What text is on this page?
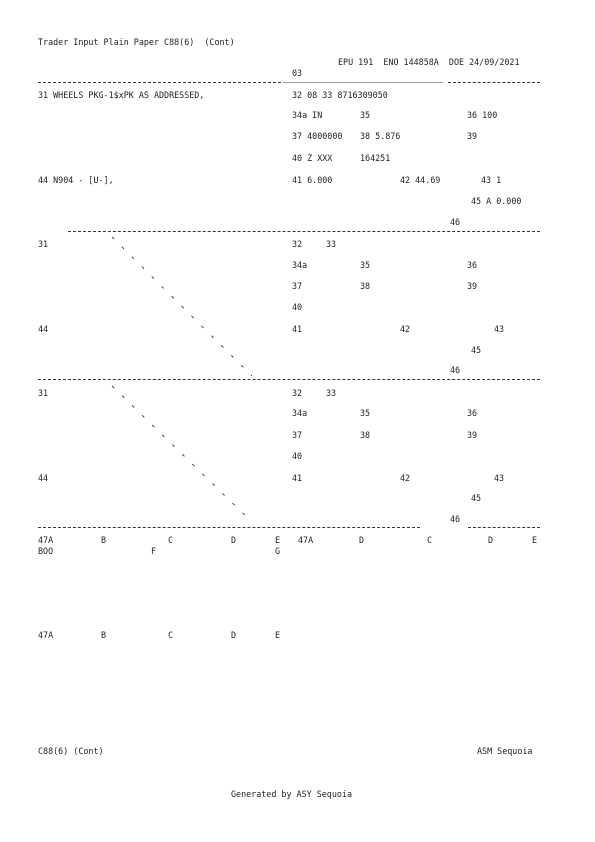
Trader Input Plain Paper C88(6)  (Cont)
EPU 191  ENO 144858A  DOE 24/09/2021
03
31 WHEELS PKG-1$xPK AS ADDRESSED,	32 08 33 8716309050
34a IN	35	36 100
37 4000000 38 5.876	39
40 Z XXX	164251
44 N904 - [U-],	41 6.000	42 44.69	43 1
45 A 0.000
46
31	32	33
34a	35	36
37	38	39
40
44	41	42	43
45
46
31	32	33
34a	35	36
37	38	39
40
44	41	42	43
45
46
47A	B	C	D	E 47A	D	C	D	E
BOO	F	G
47A	B	C	D	E
C88(6) (Cont)	ASM Sequoia
Generated by ASY Sequoia
